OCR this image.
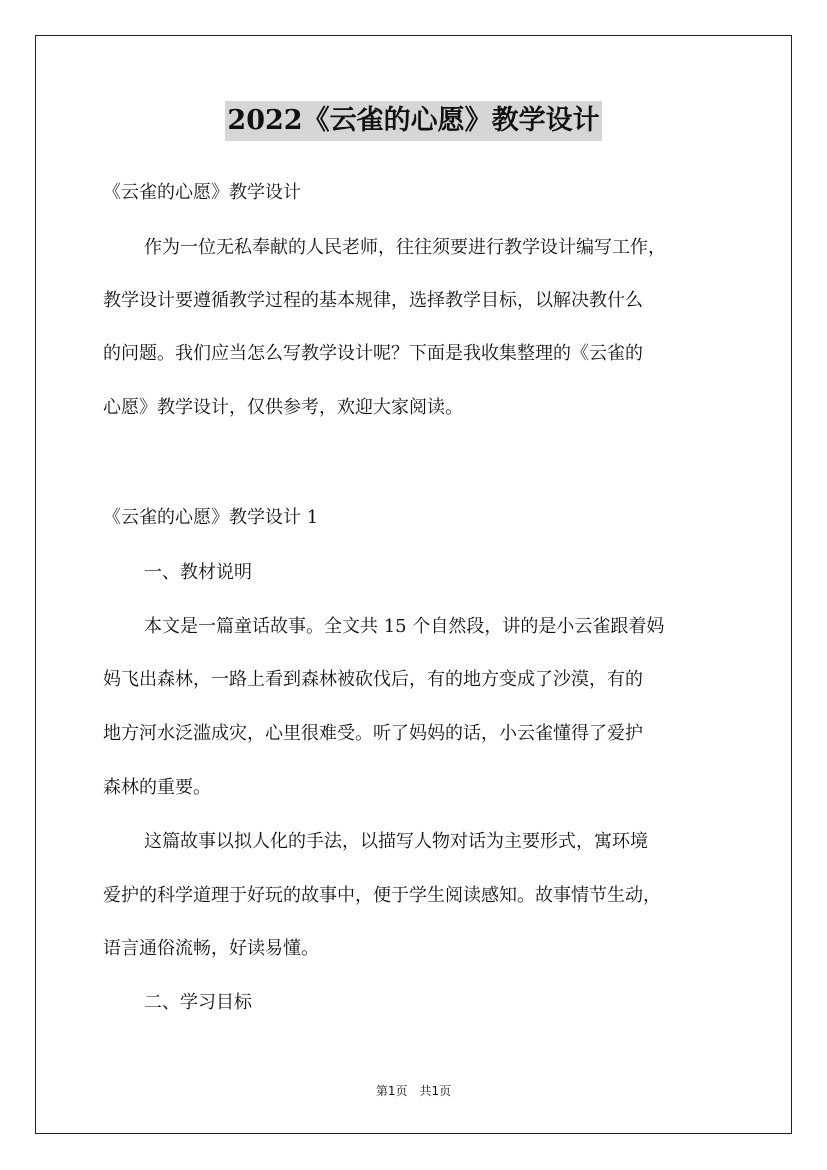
2022《云雀的心愿》教学设计
《云雀的心愿》教学设计
作为一位无私奉献的人民老师，往往须要进行教学设计编写工作，
教学设计要遵循教学过程的基本规律，选择教学目标，以解决教什么
的问题。我们应当怎么写教学设计呢？下面是我收集整理的《云雀的
心愿》教学设计，仅供参考，欢迎大家阅读。
《云雀的心愿》教学设计 1
一、教材说明
本文是一篇童话故事。全文共 15 个自然段，讲的是小云雀跟着妈
妈飞出森林，一路上看到森林被砍伐后，有的地方变成了沙漠，有的
地方河水泛滥成灾，心里很难受。听了妈妈的话，小云雀懂得了爱护
森林的重要。
这篇故事以拟人化的手法，以描写人物对话为主要形式，寓环境
爱护的科学道理于好玩的故事中，便于学生阅读感知。故事情节生动，
语言通俗流畅，好读易懂。
二、学习目标
第1页　共1页
